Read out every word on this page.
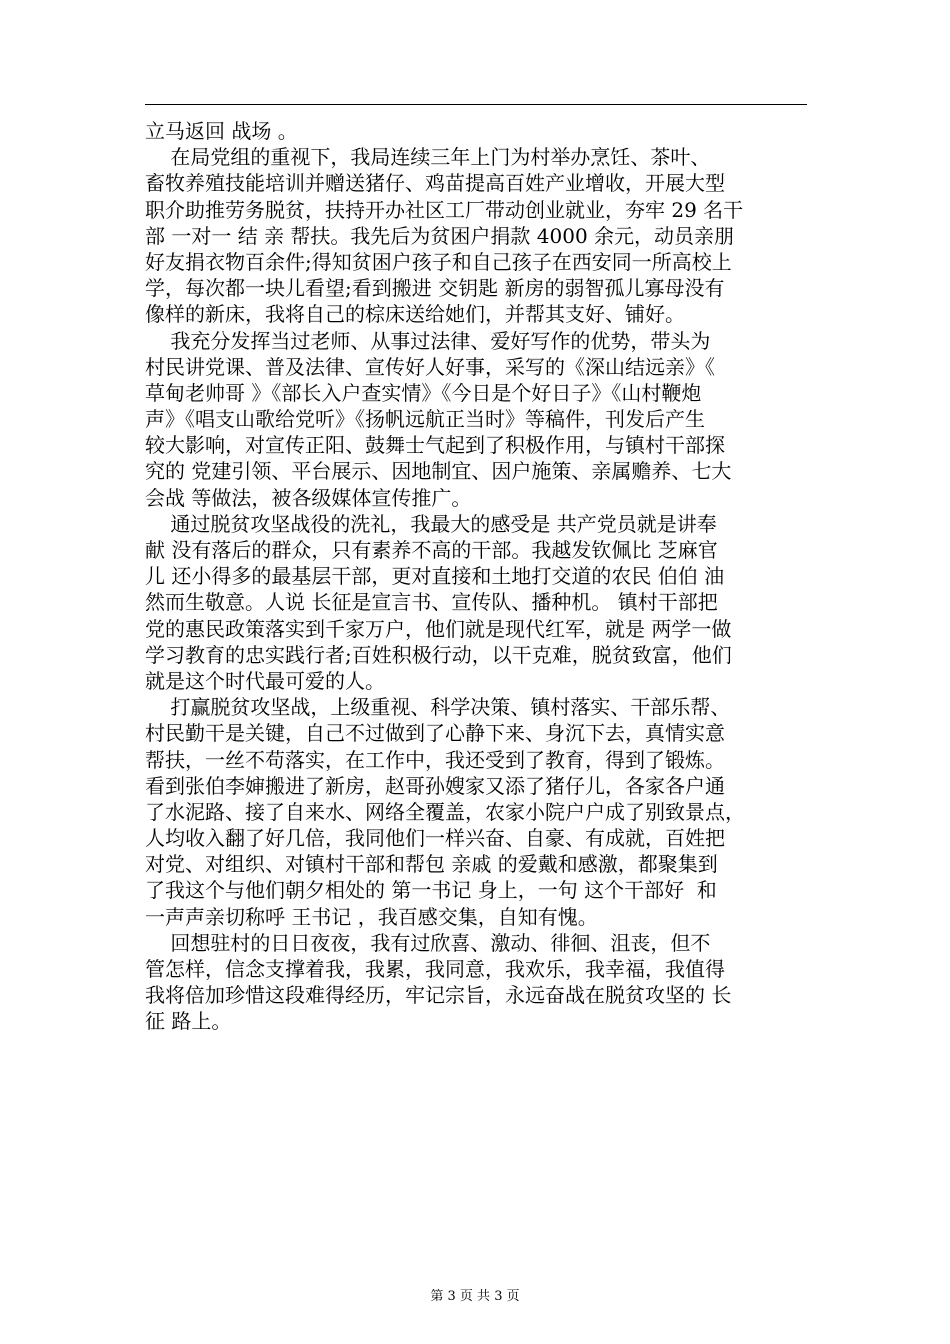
立马返回 战场 。
在局党组的重视下，我局连续三年上门为村举办烹饪、茶叶、
畜牧养殖技能培训并赠送猪仔、鸡苗提高百姓产业增收，开展大型
职介助推劳务脱贫，扶持开办社区工厂带动创业就业，夯牢 29 名干
部 一对一 结 亲 帮扶。我先后为贫困户捐款 4000 余元，动员亲朋
好友捐衣物百余件;得知贫困户孩子和自己孩子在西安同一所高校上
学，每次都一块儿看望;看到搬进 交钥匙 新房的弱智孤儿寡母没有
像样的新床，我将自己的棕床送给她们，并帮其支好、铺好。
我充分发挥当过老师、从事过法律、爱好写作的优势，带头为
村民讲党课、普及法律、宣传好人好事，采写的《深山结远亲》《
草甸老帅哥 》《部长入户查实情》《今日是个好日子》《山村鞭炮
声》《唱支山歌给党听》《扬帆远航正当时》等稿件，刊发后产生
较大影响，对宣传正阳、鼓舞士气起到了积极作用，与镇村干部探
究的 党建引领、平台展示、因地制宜、因户施策、亲属赡养、七大
会战 等做法，被各级媒体宣传推广。
通过脱贫攻坚战役的洗礼，我最大的感受是 共产党员就是讲奉
献 没有落后的群众，只有素养不高的干部。我越发钦佩比 芝麻官
儿 还小得多的最基层干部，更对直接和土地打交道的农民 伯伯 油
然而生敬意。人说 长征是宣言书、宣传队、播种机。 镇村干部把
党的惠民政策落实到千家万户，他们就是现代红军，就是 两学一做
学习教育的忠实践行者;百姓积极行动，以干克难，脱贫致富，他们
就是这个时代最可爱的人。
打赢脱贫攻坚战，上级重视、科学决策、镇村落实、干部乐帮、
村民勤干是关键，自己不过做到了心静下来、身沉下去，真情实意
帮扶，一丝不苟落实，在工作中，我还受到了教育，得到了锻炼。
看到张伯李婶搬进了新房，赵哥孙嫂家又添了猪仔儿，各家各户通
了水泥路、接了自来水、网络全覆盖，农家小院户户成了别致景点，
人均收入翻了好几倍，我同他们一样兴奋、自豪、有成就，百姓把
对党、对组织、对镇村干部和帮包 亲戚 的爱戴和感激，都聚集到
了我这个与他们朝夕相处的 第一书记 身上，一句 这个干部好  和
一声声亲切称呼 王书记 ，我百感交集，自知有愧。
回想驻村的日日夜夜，我有过欣喜、激动、徘徊、沮丧，但不
管怎样，信念支撑着我，我累，我同意，我欢乐，我幸福，我值得
我将倍加珍惜这段难得经历，牢记宗旨，永远奋战在脱贫攻坚的 长
征 路上。
第 3 页 共 3 页
